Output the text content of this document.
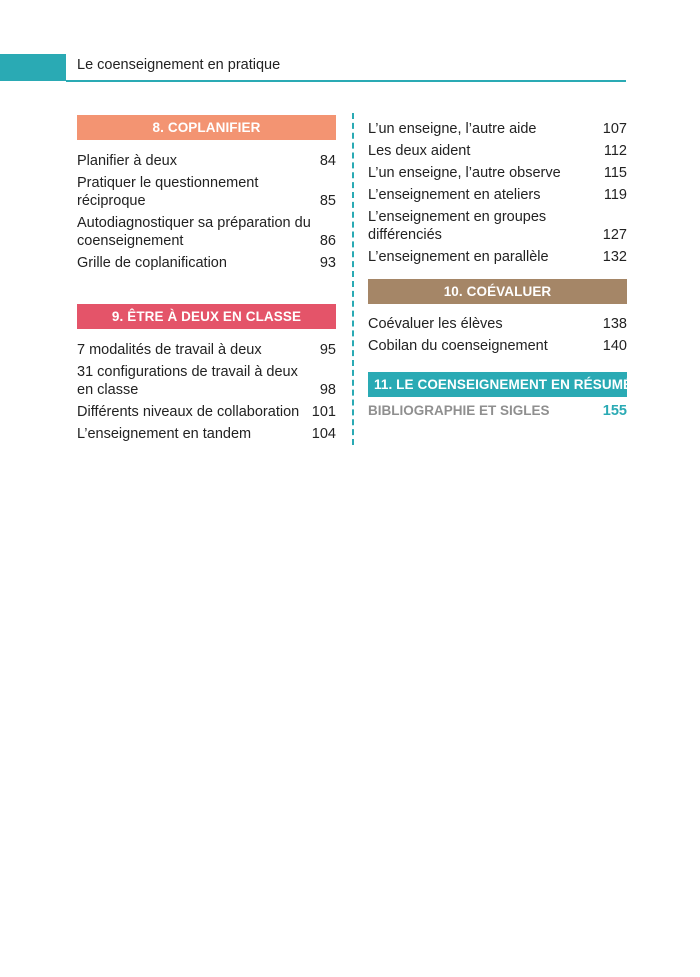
Le coenseignement en pratique
8. COPLANIFIER
Planifier à deux	84
Pratiquer le questionnement réciproque	85
Autodiagnostiquer sa préparation du coenseignement	86
Grille de coplanification	93
9. ÊTRE À DEUX EN CLASSE
7 modalités de travail à deux	95
31 configurations de travail à deux en classe	98
Différents niveaux de collaboration 101
L’enseignement en tandem	104
L’un enseigne, l’autre aide	107
Les deux aident	112
L’un enseigne, l’autre observe	115
L’enseignement en ateliers	119
L’enseignement en groupes différenciés	127
L’enseignement en parallèle	132
10. COÉVALUER
Coévaluer les élèves	138
Cobilan du coenseignement	140
11. LE COENSEIGNEMENT EN RÉSUMÉ
BIBLIOGRAPHIE ET SIGLES	155
